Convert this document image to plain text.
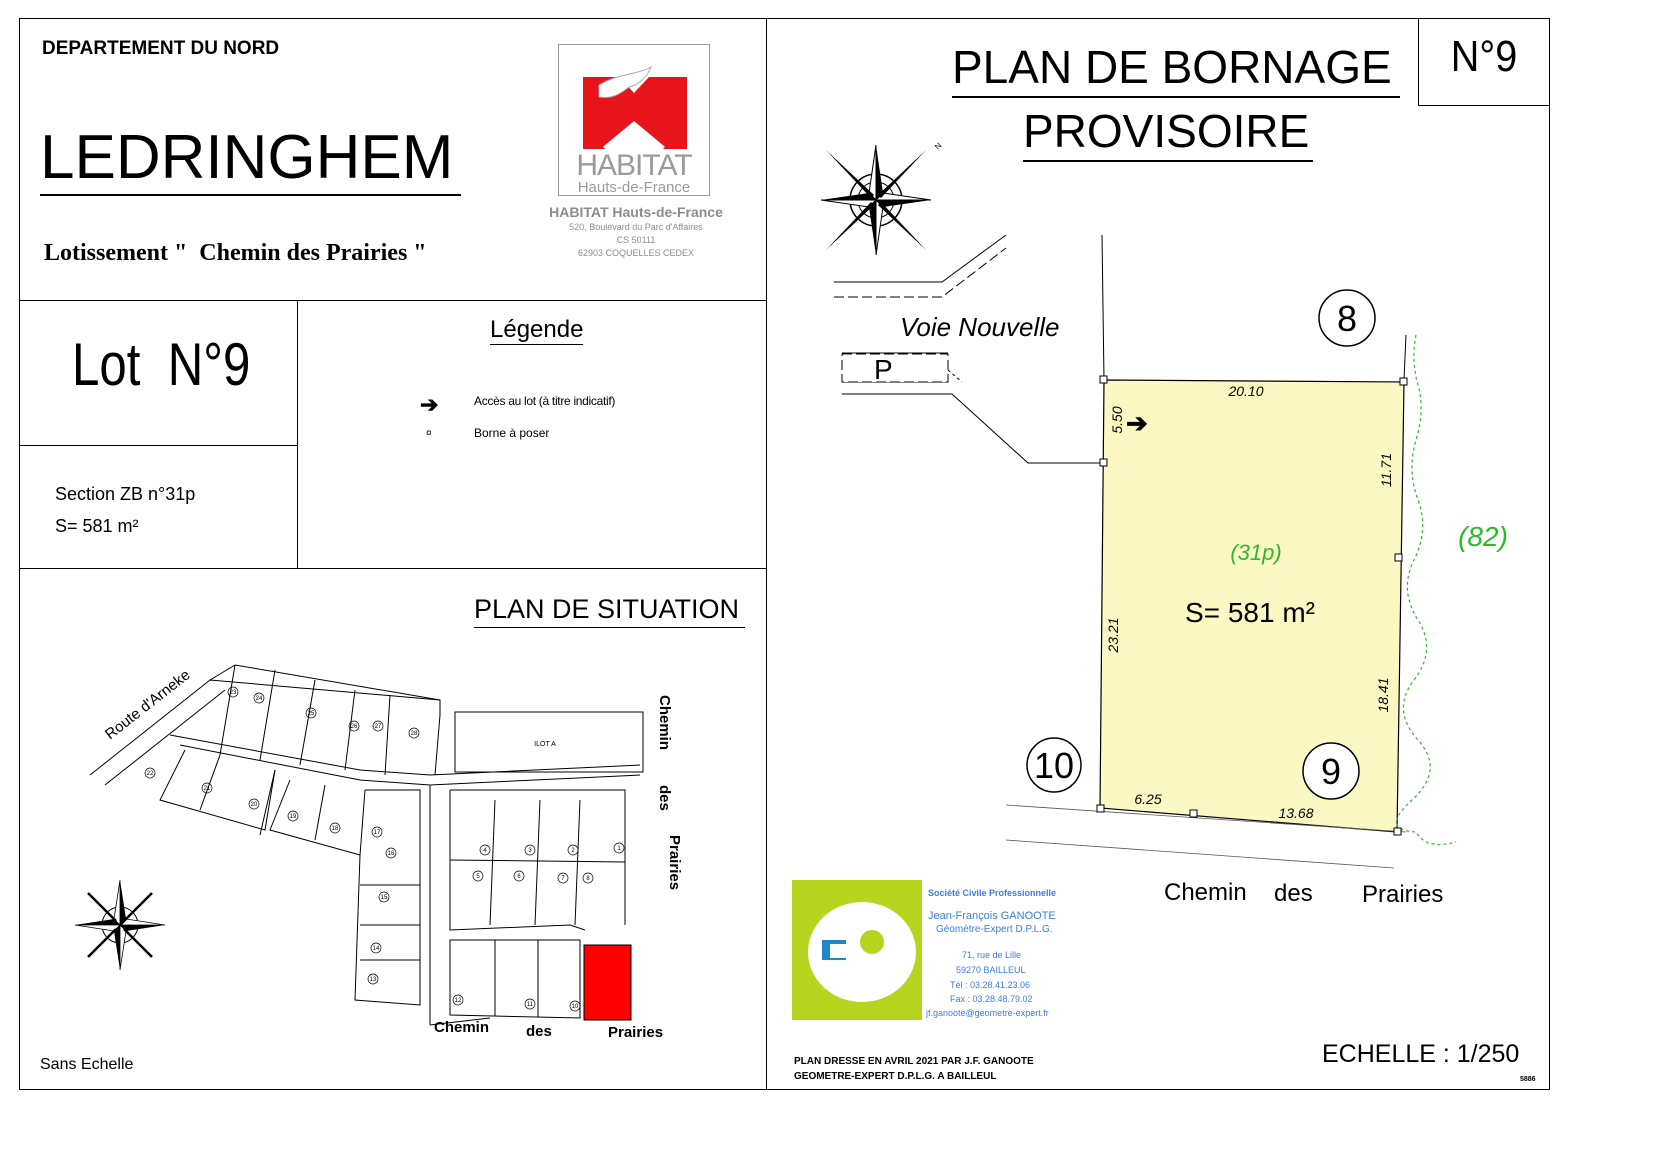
DEPARTEMENT DU NORD
LEDRINGHEM
Lotissement "  Chemin des Prairies "
HABITAT
Hauts-de-France
HABITAT Hauts-de-France
520, Boulevard du Parc d'Affaires
CS 50111
62903 COQUELLES CEDEX
Lot  N°9
Section ZB n°31p
S= 581 m²
Légende
➔	Accès au lot (à titre indicatif)
¤	Borne à poser
PLAN DE SITUATION
23
24
25
26	27
28
22
21
20
19
18
17
16
15
14
13
4	3	2	1
5	6	7	8
12
11	10
ILOT A
Route d'Arneke	Chemin
des
Prairies
Chemin des	Prairies
Sans Echelle
N°9
PLAN DE BORNAGE
PROVISOIRE
N
➔
8
10	9
20.10
5.50
23.21
11.71
18.41
6.25
13.68
(31p)
(82)
S= 581 m²
Voie Nouvelle
P
Chemin des Prairies
Société Civile Professionnelle
Jean-François GANOOTE
Géomètre-Expert D.P.L.G.
71, rue de Lille
59270 BAILLEUL
Tél : 03.28.41.23.06
Fax : 03.28.48.79.02
jf.ganoote@geometre-expert.fr
ECHELLE : 1/250
PLAN DRESSE EN AVRIL 2021 PAR J.F. GANOOTE
GEOMETRE-EXPERT D.P.L.G. A BAILLEUL	5886
